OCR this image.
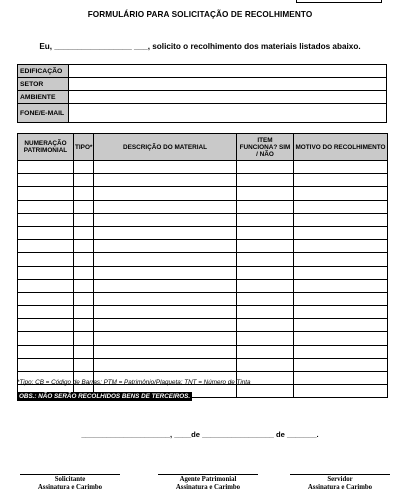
FORMULÁRIO PARA SOLICITAÇÃO DE RECOLHIMENTO
Eu, _________________ ___, solicito o recolhimento dos materiais listados abaixo.
EDIFICAÇÃO	
SETOR	
AMBIENTE	
FONE/E-MAIL	
NUMERAÇÃO PATRIMONIAL	TIPO*	DESCRIÇÃO DO MATERIAL	ITEM FUNCIONA? SIM / NÃO	MOTIVO DO RECOLHIMENTO

*Tipo: CB = Código de Barras; PTM = Patrimônio/Plaqueta; TNT = Número de Tinta
OBS.: NÃO SERÃO RECOLHIDOS BENS DE TERCEIROS.
_____________________, ____de _________________ de _______.
Solicitante
Assinatura e Carimbo
Agente Patrimonial
Assinatura e Carimbo
Servidor
Assinatura e Carimbo
